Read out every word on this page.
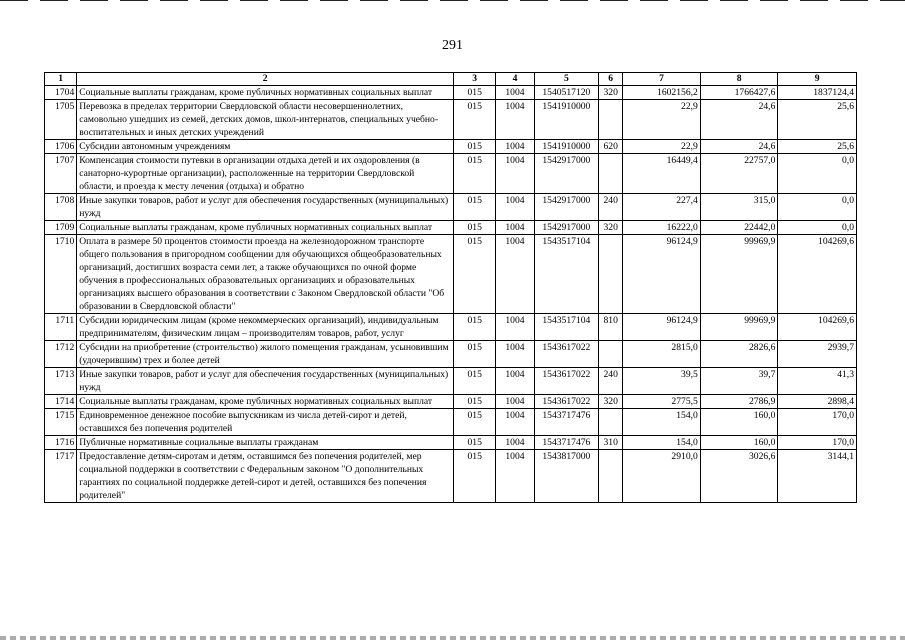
291
1	2	3	4	5	6	7	8	9
1704	Социальные выплаты гражданам, кроме публичных нормативных социальных выплат	015	1004	1540517120	320	1602156,2	1766427,6	1837124,4
1705	Перевозка в пределах территории Свердловской области несовершеннолетних, самовольно ушедших из семей, детских домов, школ-интернатов, специальных учебно-воспитательных и иных детских учреждений	015	1004	1541910000		22,9	24,6	25,6
1706	Субсидии автономным учреждениям	015	1004	1541910000	620	22,9	24,6	25,6
1707	Компенсация стоимости путевки в организации отдыха детей и их оздоровления (в санаторно-курортные организации), расположенные на территории Свердловской области, и проезда к месту лечения (отдыха) и обратно	015	1004	1542917000		16449,4	22757,0	0,0
1708	Иные закупки товаров, работ и услуг для обеспечения государственных (муниципальных) нужд	015	1004	1542917000	240	227,4	315,0	0,0
1709	Социальные выплаты гражданам, кроме публичных нормативных социальных выплат	015	1004	1542917000	320	16222,0	22442,0	0,0
1710	Оплата в размере 50 процентов стоимости проезда на железнодорожном транспорте общего пользования в пригородном сообщении для обучающихся общеобразовательных организаций, достигших возраста семи лет, а также обучающихся по очной форме обучения в профессиональных образовательных организациях и образовательных организациях высшего образования в соответствии с Законом Свердловской области "Об образовании в Свердловской области"	015	1004	1543517104		96124,9	99969,9	104269,6
1711	Субсидии юридическим лицам (кроме некоммерческих организаций), индивидуальным предпринимателям, физическим лицам – производителям товаров, работ, услуг	015	1004	1543517104	810	96124,9	99969,9	104269,6
1712	Субсидии на приобретение (строительство) жилого помещения гражданам, усыновившим (удочерившим) трех и более детей	015	1004	1543617022		2815,0	2826,6	2939,7
1713	Иные закупки товаров, работ и услуг для обеспечения государственных (муниципальных) нужд	015	1004	1543617022	240	39,5	39,7	41,3
1714	Социальные выплаты гражданам, кроме публичных нормативных социальных выплат	015	1004	1543617022	320	2775,5	2786,9	2898,4
1715	Единовременное денежное пособие выпускникам из числа детей-сирот и детей, оставшихся без попечения родителей	015	1004	1543717476		154,0	160,0	170,0
1716	Публичные нормативные социальные выплаты гражданам	015	1004	1543717476	310	154,0	160,0	170,0
1717	Предоставление детям-сиротам и детям, оставшимся без попечения родителей, мер социальной поддержки в соответствии с Федеральным законом "О дополнительных гарантиях по социальной поддержке детей-сирот и детей, оставшихся без попечения родителей"	015	1004	1543817000		2910,0	3026,6	3144,1
